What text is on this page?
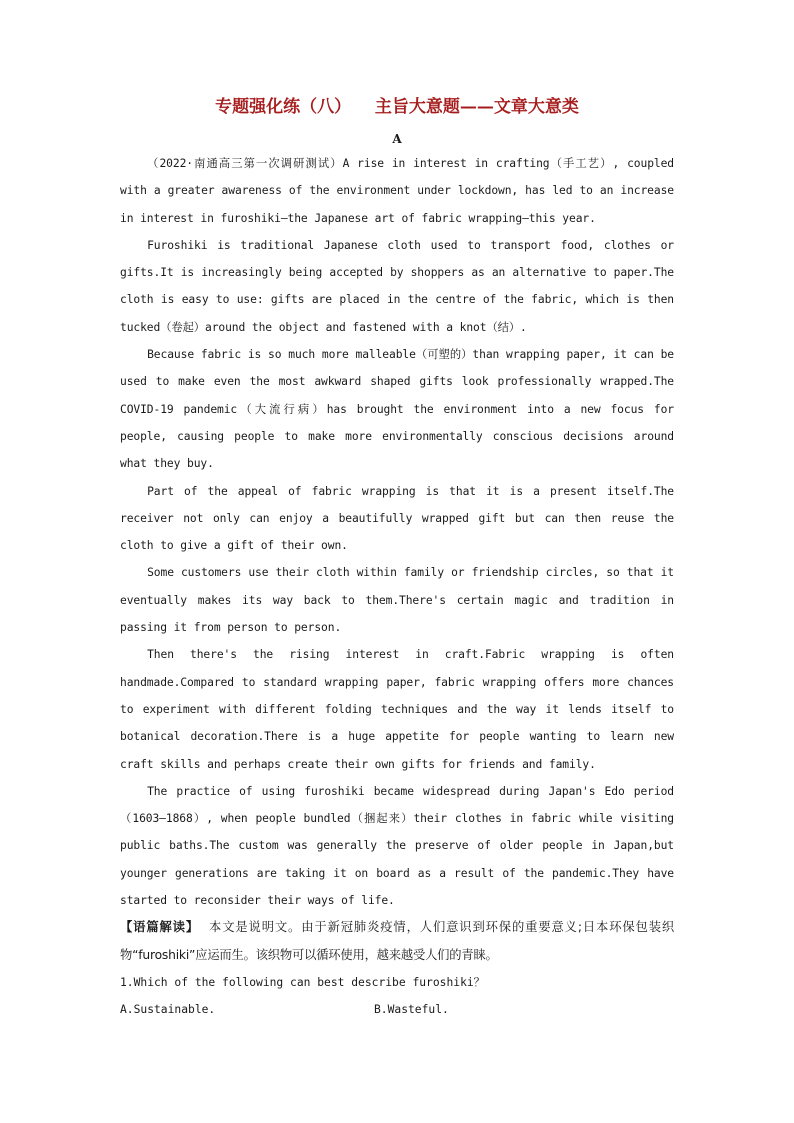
专题强化练（八）    主旨大意题——文章大意类
A

（2022·南通高三第一次调研测试）A rise in interest in crafting（手工艺）, coupled with a greater awareness of the environment under lockdown, has led to an increase in interest in furoshiki—the Japanese art of fabric wrapping—this year.

Furoshiki is traditional Japanese cloth used to transport food, clothes or gifts.It is increasingly being accepted by shoppers as an alternative to paper.The cloth is easy to use: gifts are placed in the centre of the fabric, which is then tucked（卷起）around the object and fastened with a knot（结）.

Because fabric is so much more malleable（可塑的）than wrapping paper, it can be used to make even the most awkward shaped gifts look professionally wrapped.The COVID-19 pandemic（大流行病）has brought the environment into a new focus for people, causing people to make more environmentally conscious decisions around what they buy.

Part of the appeal of fabric wrapping is that it is a present itself.The receiver not only can enjoy a beautifully wrapped gift but can then reuse the cloth to give a gift of their own.

Some customers use their cloth within family or friendship circles, so that it eventually makes its way back to them.There's certain magic and tradition in passing it from person to person.

Then there's the rising interest in craft.Fabric wrapping is often handmade.Compared to standard wrapping paper, fabric wrapping offers more chances to experiment with different folding techniques and the way it lends itself to botanical decoration.There is a huge appetite for people wanting to learn new craft skills and perhaps create their own gifts for friends and family.

The practice of using furoshiki became widespread during Japan's Edo period（1603—1868）, when people bundled（捆起来）their clothes in fabric while visiting public baths.The custom was generally the preserve of older people in Japan,but younger generations are taking it on board as a result of the pandemic.They have started to reconsider their ways of life.

【语篇解读】 本文是说明文。由于新冠肺炎疫情，人们意识到环保的重要意义;日本环保包装织物“furoshiki”应运而生。该织物可以循环使用，越来越受人们的青睐。

1.Which of the following can best describe furoshiki？

A.Sustainable.	B.Wasteful.
